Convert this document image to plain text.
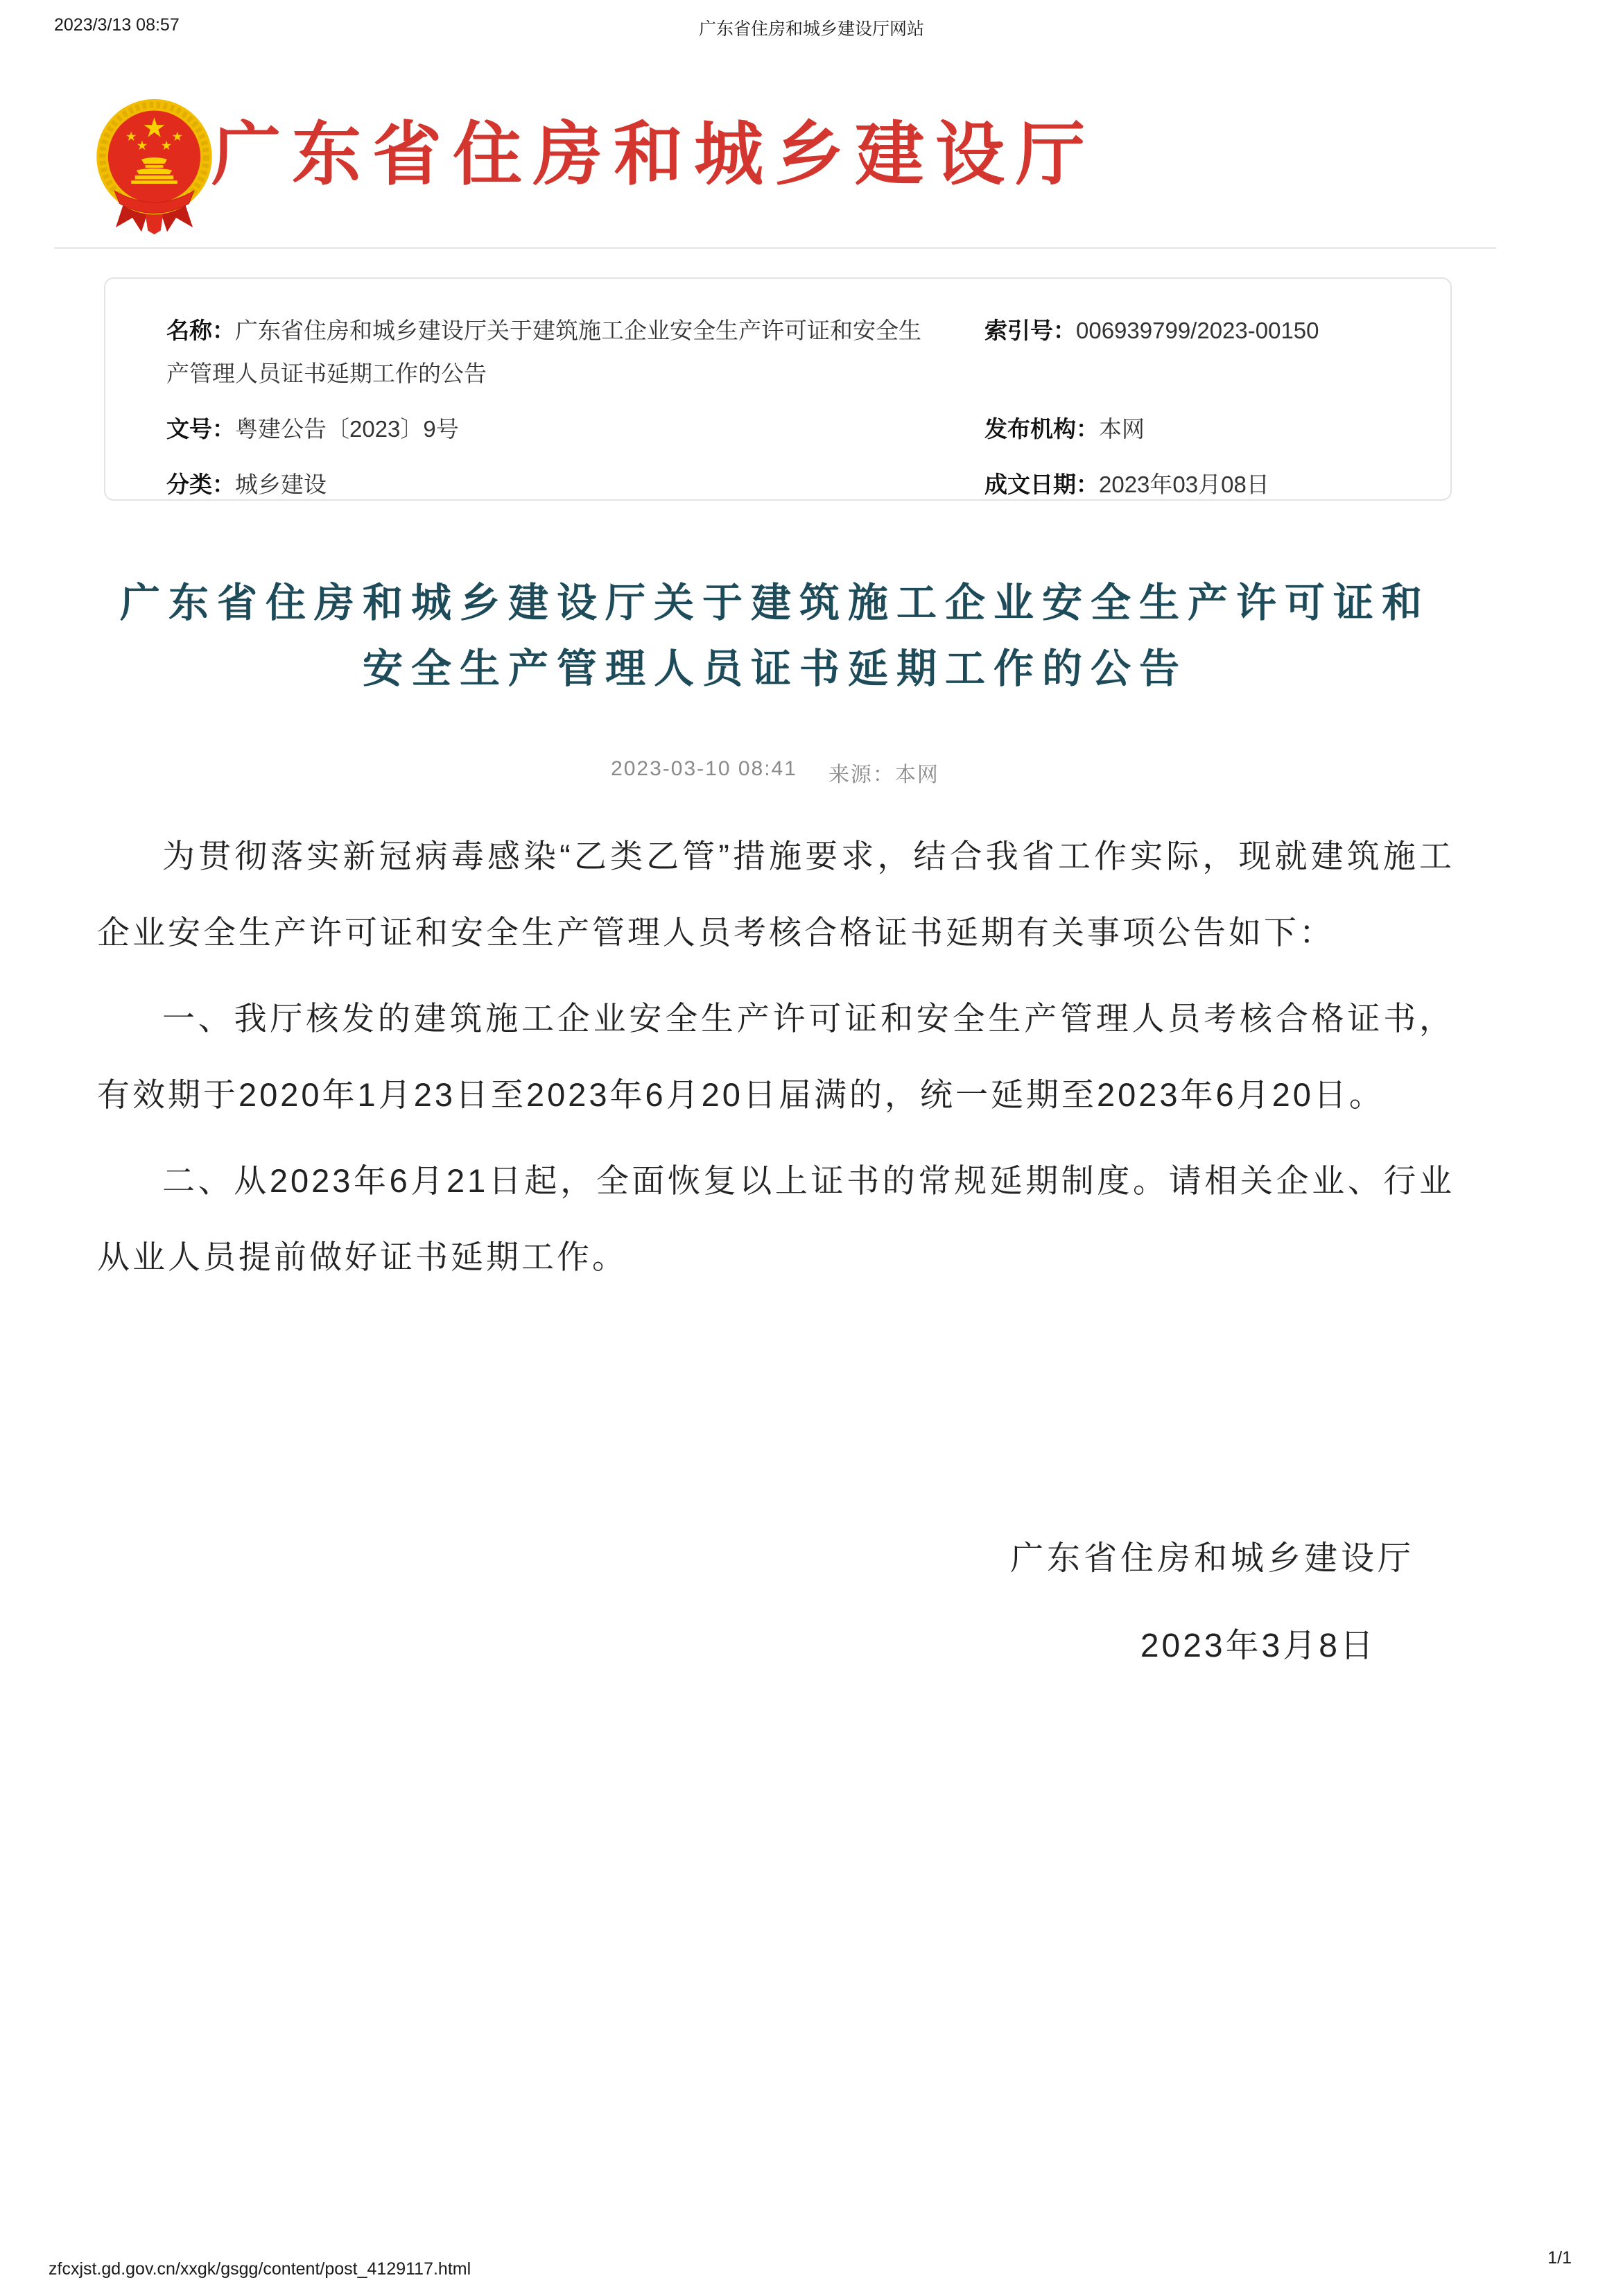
2023/3/13 08:57	广东省住房和城乡建设厅网站
★
★	★
★ ★ 广东省住房和城乡建设厅
名称：广东省住房和城乡建设厅关于建筑施工企业安全生产许可证和安全生产管理人员证书延期工作的公告
索引号：006939799/2023-00150
文号：粤建公告〔2023〕9号	发布机构：本网
分类：城乡建设	成文日期：2023年03月08日
广东省住房和城乡建设厅关于建筑施工企业安全生产许可证和
安全生产管理人员证书延期工作的公告
2023-03-10 08:41 来源：本网

为贯彻落实新冠病毒感染“乙类乙管”措施要求，结合我省工作实际，现就建筑施工企业安全生产许可证和安全生产管理人员考核合格证书延期有关事项公告如下：

一、我厅核发的建筑施工企业安全生产许可证和安全生产管理人员考核合格证书，有效期于2020年1月23日至2023年6月20日届满的，统一延期至2023年6月20日。

二、从2023年6月21日起，全面恢复以上证书的常规延期制度。请相关企业、行业从业人员提前做好证书延期工作。

广东省住房和城乡建设厅
2023年3月8日
zfcxjst.gd.gov.cn/xxgk/gsgg/content/post_4129117.html
1/1
